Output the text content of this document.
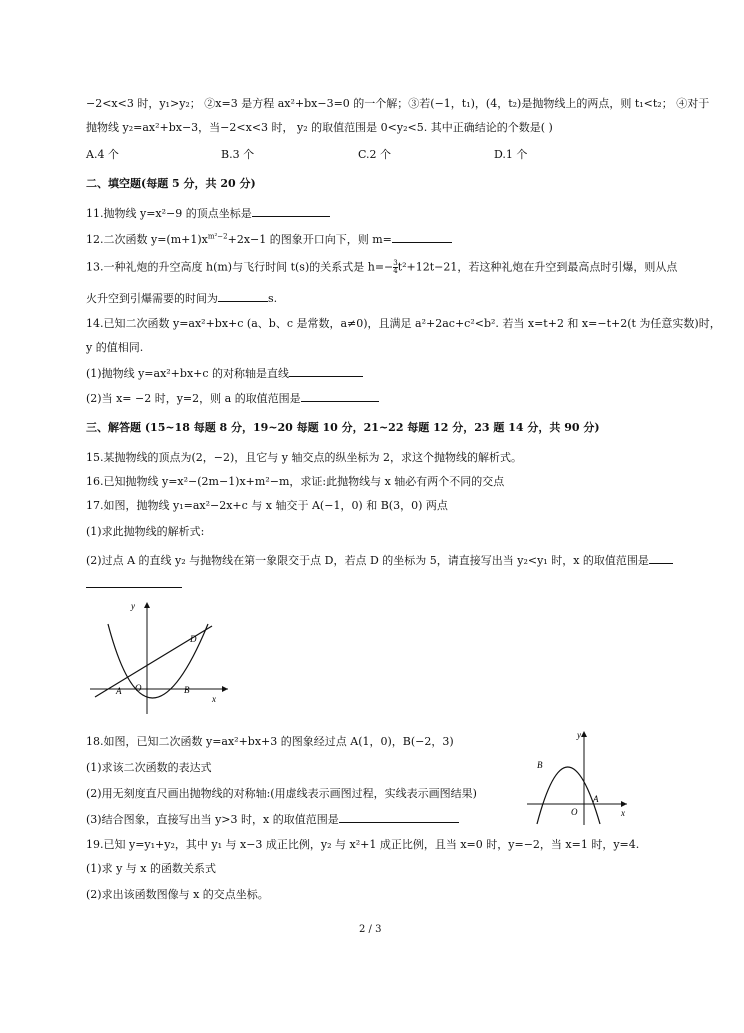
−2<x<3 时，y₁>y₂； ②x=3 是方程 ax²+bx−3=0 的一个解；③若(−1，t₁)，(4，t₂)是抛物线上的两点，则 t₁<t₂； ④对于
抛物线 y₂=ax²+bx−3，当−2<x<3 时， y₂ 的取值范围是 0<y₂<5. 其中正确结论的个数是( )
A.4 个	B.3 个	C.2 个	D.1 个
二、填空题(每题 5 分，共 20 分)
11.抛物线 y=x²−9 的顶点坐标是
12.二次函数 $y=(m+1)x^{m^2-2}+2x-1$ 的图象开口向下，则 m=
13.一种礼炮的升空高度 h(m)与飞行时间 t(s)的关系式是 $h=- \frac{3}{4} t^2+12t-21$，若这种礼炮在升空到最高点时引爆，则从点
火升空到引爆需要的时间为	s.
14.已知二次函数 y=ax²+bx+c (a、b、c 是常数，a≠0)，且满足 a²+2ac+c²<b². 若当 x=t+2 和 x=−t+2(t 为任意实数)时，
y 的值相同.
(1)抛物线 y=ax²+bx+c 的对称轴是直线
(2)当 x= −2 时，y=2，则 a 的取值范围是
三、解答题 (15~18 每题 8 分，19~20 每题 10 分，21~22 每题 12 分，23 题 14 分，共 90 分)
15.某抛物线的顶点为(2，−2)，且它与 y 轴交点的纵坐标为 2，求这个抛物线的解析式。
16.已知抛物线 y=x²−(2m−1)x+m²−m，求证:此抛物线与 x 轴必有两个不同的交点
17.如图，抛物线 y₁=ax²−2x+c 与 x 轴交于 A(−1，0) 和 B(3，0) 两点
(1)求此抛物线的解析式:
(2)过点 A 的直线 y₂ 与抛物线在第一象限交于点 D，若点 D 的坐标为 5，请直接写出当 y₂<y₁ 时，x 的取值范围是
y
x
O
A	B
D
18.如图，已知二次函数 y=ax²+bx+3 的图象经过点 A(1，0)，B(−2，3)
(1)求该二次函数的表达式
(2)用无刻度直尺画出抛物线的对称轴:(用虚线表示画图过程，实线表示画图结果)
(3)结合图象，直接写出当 y>3 时，x 的取值范围是
y
x
O
A
B
19.已知 y=y₁+y₂，其中 y₁ 与 x−3 成正比例，y₂ 与 x²+1 成正比例，且当 x=0 时，y=−2，当 x=1 时，y=4.
(1)求 y 与 x 的函数关系式
(2)求出该函数图像与 x 的交点坐标。
2 / 3
